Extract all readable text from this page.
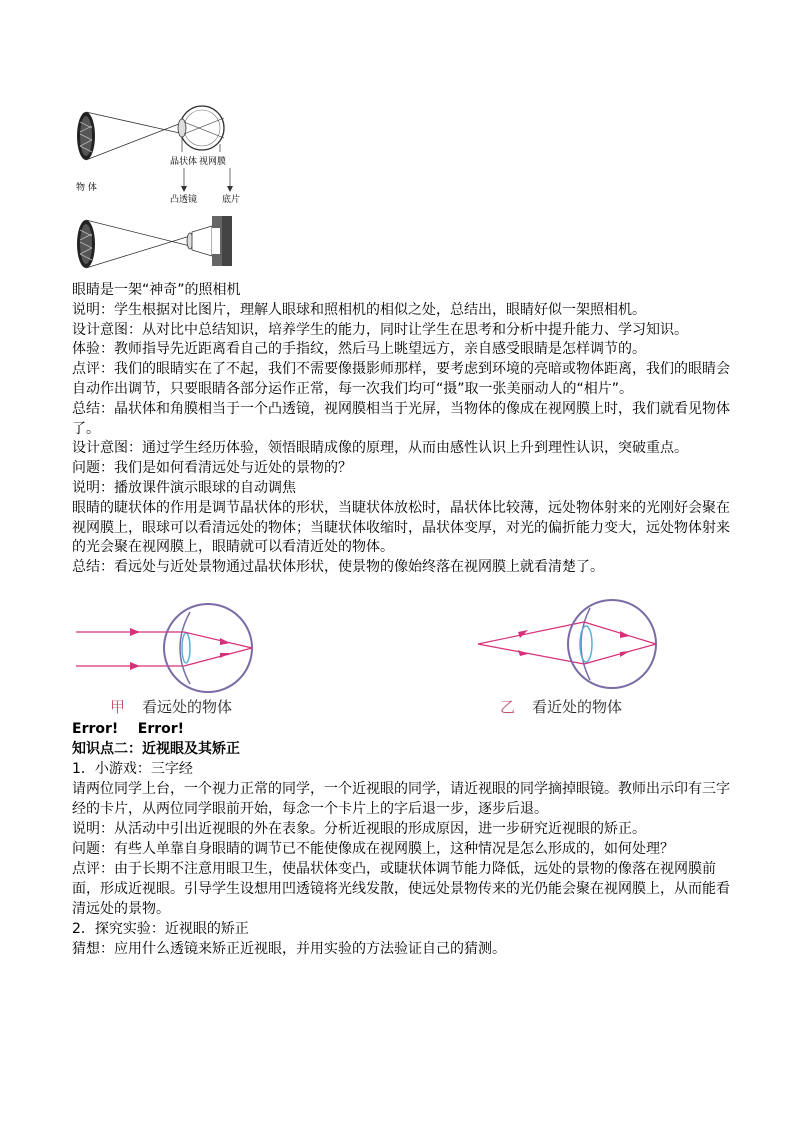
晶状体 视网膜
凸透镜	底片
物 体

眼睛是一架“神奇”的照相机

说明：学生根据对比图片，理解人眼球和照相机的相似之处，总结出，眼睛好似一架照相机。

设计意图：从对比中总结知识，培养学生的能力，同时让学生在思考和分析中提升能力、学习知识。

体验：教师指导先近距离看自己的手指纹，然后马上眺望远方，亲自感受眼睛是怎样调节的。

点评：我们的眼睛实在了不起，我们不需要像摄影师那样，要考虑到环境的亮暗或物体距离，我们的眼睛会自动作出调节，只要眼睛各部分运作正常，每一次我们均可“摄”取一张美丽动人的“相片”。

总结：晶状体和角膜相当于一个凸透镜，视网膜相当于光屏，当物体的像成在视网膜上时，我们就看见物体了。

设计意图：通过学生经历体验，领悟眼睛成像的原理，从而由感性认识上升到理性认识，突破重点。

问题：我们是如何看清远处与近处的景物的？

说明：播放课件演示眼球的自动调焦

眼睛的睫状体的作用是调节晶状体的形状，当睫状体放松时，晶状体比较薄，远处物体射来的光刚好会聚在视网膜上，眼球可以看清远处的物体；当睫状体收缩时，晶状体变厚，对光的偏折能力变大，远处物体射来的光会聚在视网膜上，眼睛就可以看清近处的物体。

总结：看远处与近处景物通过晶状体形状，使景物的像始终落在视网膜上就看清楚了。

甲 看远处的物体	乙 看近处的物体

Error!    Error!

知识点二：近视眼及其矫正

1．小游戏：三字经

请两位同学上台，一个视力正常的同学，一个近视眼的同学，请近视眼的同学摘掉眼镜。教师出示印有三字经的卡片，从两位同学眼前开始，每念一个卡片上的字后退一步，逐步后退。

说明：从活动中引出近视眼的外在表象。分析近视眼的形成原因，进一步研究近视眼的矫正。

问题：有些人单靠自身眼睛的调节已不能使像成在视网膜上，这种情况是怎么形成的，如何处理？

点评：由于长期不注意用眼卫生，使晶状体变凸，或睫状体调节能力降低，远处的景物的像落在视网膜前面，形成近视眼。引导学生设想用凹透镜将光线发散，使远处景物传来的光仍能会聚在视网膜上，从而能看清远处的景物。

2．探究实验：近视眼的矫正

猜想：应用什么透镜来矫正近视眼，并用实验的方法验证自己的猜测。
